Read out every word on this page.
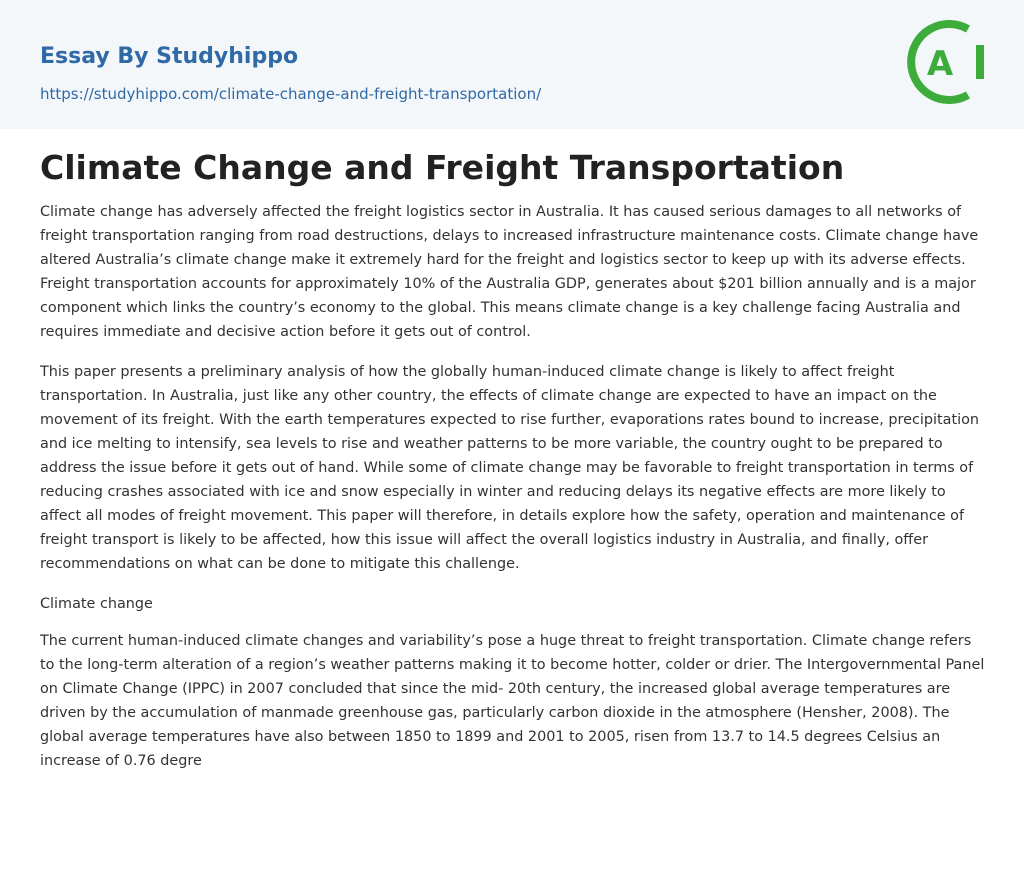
Essay By Studyhippo
https://studyhippo.com/climate-change-and-freight-transportation/
A
Climate Change and Freight Transportation

Climate change has adversely affected the freight logistics sector in Australia. It has caused serious damages to all networks of freight transportation ranging from road destructions, delays to increased infrastructure maintenance costs. Climate change have altered Australia’s climate change make it extremely hard for the freight and logistics sector to keep up with its adverse effects. Freight transportation accounts for approximately 10% of the Australia GDP, generates about $201 billion annually and is a major component which links the country’s economy to the global. This means climate change is a key challenge facing Australia and requires immediate and decisive action before it gets out of control.

This paper presents a preliminary analysis of how the globally human-induced climate change is likely to affect freight transportation. In Australia, just like any other country, the effects of climate change are expected to have an impact on the movement of its freight. With the earth temperatures expected to rise further, evaporations rates bound to increase, precipitation and ice melting to intensify, sea levels to rise and weather patterns to be more variable, the country ought to be prepared to address the issue before it gets out of hand. While some of climate change may be favorable to freight transportation in terms of reducing crashes associated with ice and snow especially in winter and reducing delays its negative effects are more likely to affect all modes of freight movement. This paper will therefore, in details explore how the safety, operation and maintenance of freight transport is likely to be affected, how this issue will affect the overall logistics industry in Australia, and finally, offer recommendations on what can be done to mitigate this challenge.

Climate change

The current human-induced climate changes and variability’s pose a huge threat to freight transportation. Climate change refers to the long-term alteration of a region’s weather patterns making it to become hotter, colder or drier. The Intergovernmental Panel on Climate Change (IPPC) in 2007 concluded that since the mid- 20th century, the increased global average temperatures are driven by the accumulation of manmade greenhouse gas, particularly carbon dioxide in the atmosphere (Hensher, 2008). The global average temperatures have also between 1850 to 1899 and 2001 to 2005, risen from 13.7 to 14.5 degrees Celsius an increase of 0.76 degre
